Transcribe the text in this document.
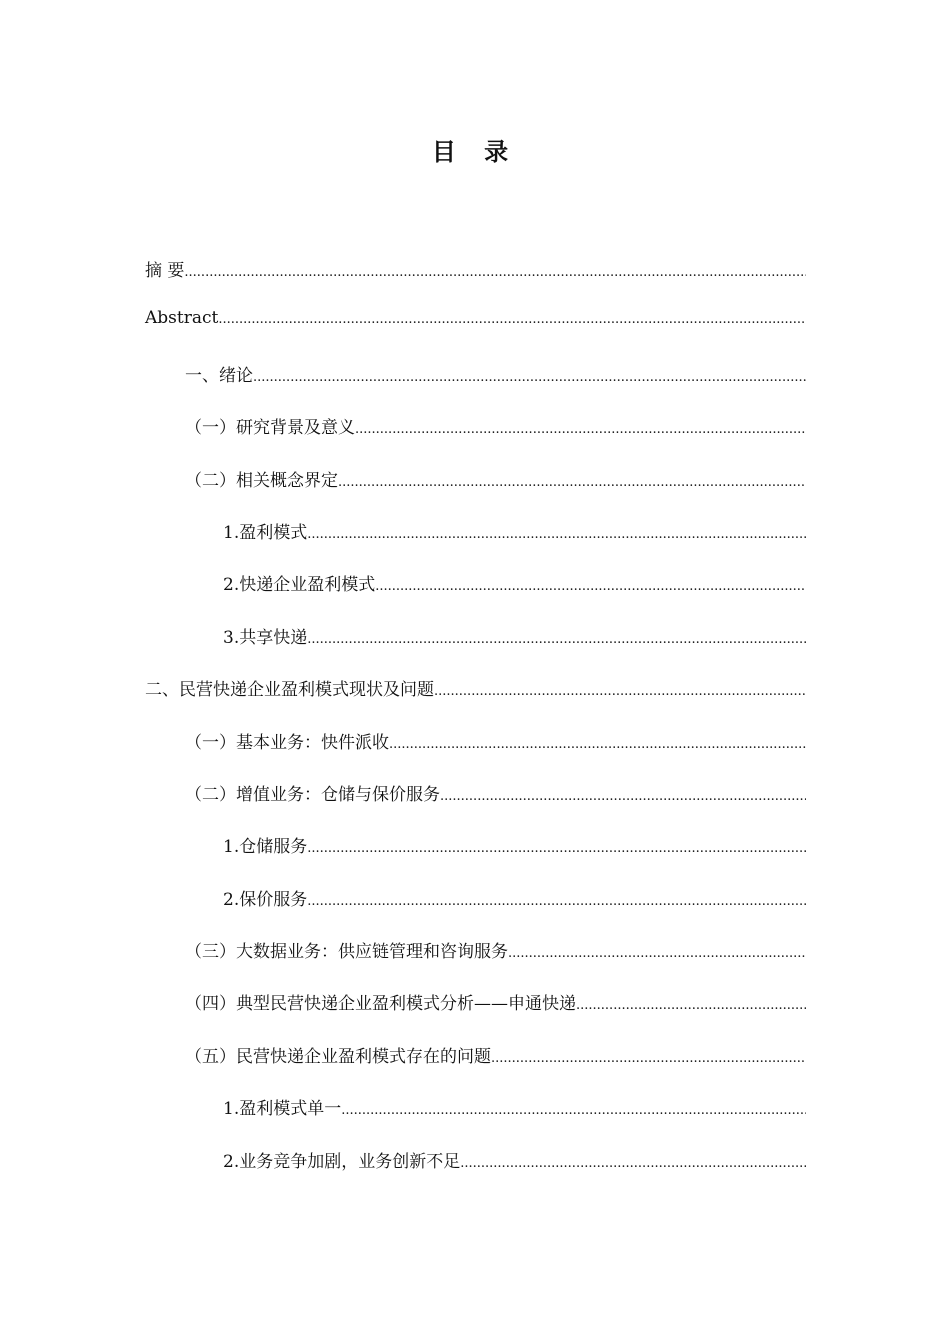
目 录
摘 要
.....
Abstract
.....
一、绪论
.....
（一）研究背景及意义
.....
（二）相关概念界定
.....
1.盈利模式
.....
2.快递企业盈利模式
.....
3.共享快递
.....
二、民营快递企业盈利模式现状及问题
.....
（一）基本业务：快件派收
.....
（二）增值业务：仓储与保价服务
.....
1.仓储服务
.....
2.保价服务
.....
（三）大数据业务：供应链管理和咨询服务
.....
（四）典型民营快递企业盈利模式分析——申通快递
.....
（五）民营快递企业盈利模式存在的问题
.....
1.盈利模式单一
.....
2.业务竞争加剧，业务创新不足
.....
